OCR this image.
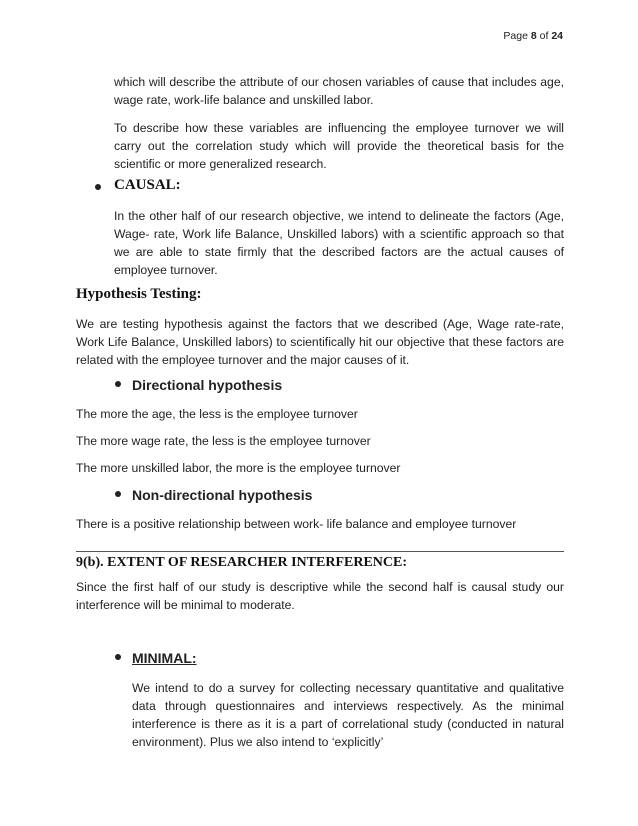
Page 8 of 24

which will describe the attribute of our chosen variables of cause that includes age, wage rate, work-life balance and unskilled labor.

To describe how these variables are influencing the employee turnover we will carry out the correlation study which will provide the theoretical basis for the scientific or more generalized research.

CAUSAL:

In the other half of our research objective, we intend to delineate the factors (Age, Wage- rate, Work life Balance, Unskilled labors) with a scientific approach so that we are able to state firmly that the described factors are the actual causes of employee turnover.

Hypothesis Testing:

We are testing hypothesis against the factors that we described (Age, Wage rate-rate, Work Life Balance, Unskilled labors) to scientifically hit our objective that these factors are related with the employee turnover and the major causes of it.

Directional hypothesis

The more the age, the less is the employee turnover

The more wage rate, the less is the employee turnover

The more unskilled labor, the more is the employee turnover

Non-directional hypothesis

There is a positive relationship between work- life balance and employee turnover

9(b). EXTENT OF RESEARCHER INTERFERENCE:

Since the first half of our study is descriptive while the second half is causal study our interference will be minimal to moderate.

MINIMAL:

We intend to do a survey for collecting necessary quantitative and qualitative data through questionnaires and interviews respectively. As the minimal interference is there as it is a part of correlational study (conducted in natural environment). Plus we also intend to ‘explicitly’
